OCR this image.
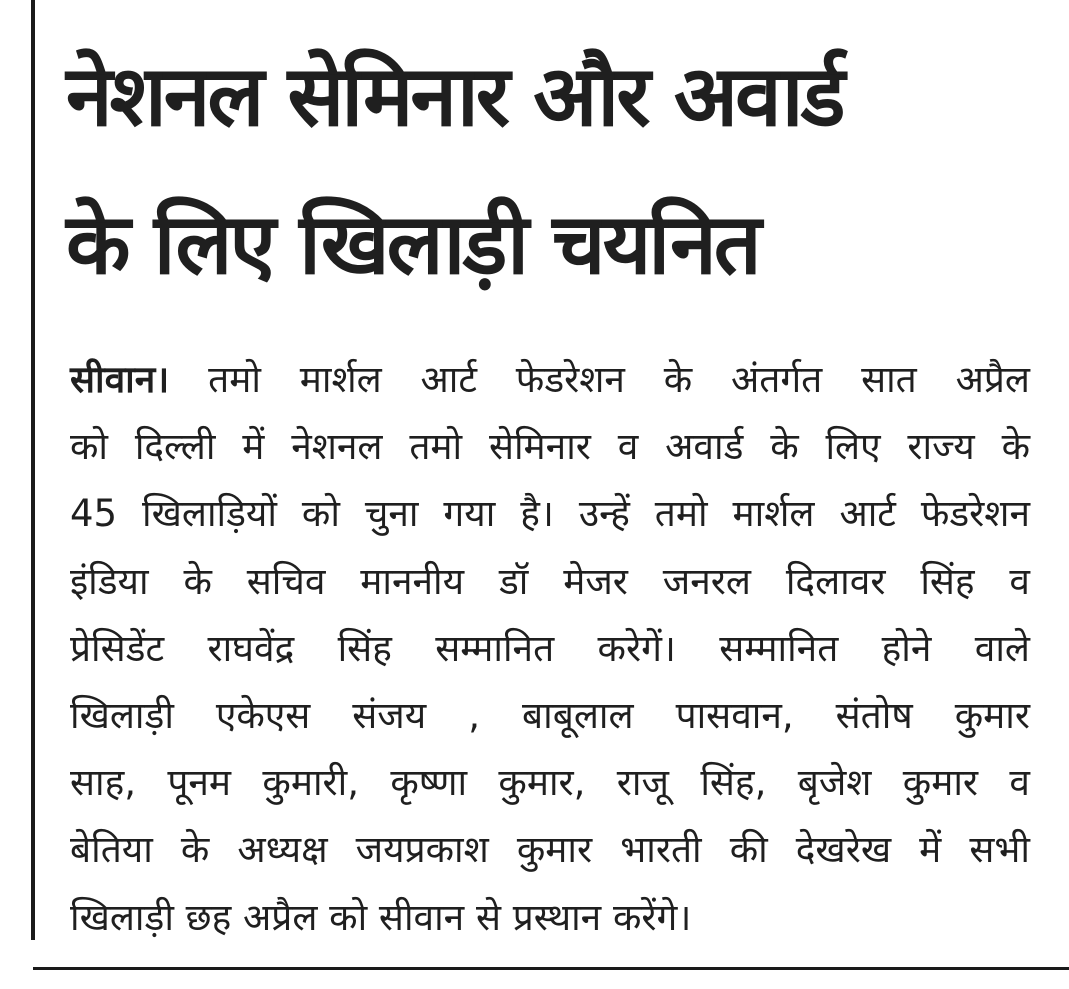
नेशनल सेमिनार और अवार्ड
के लिए खिलाड़ी चयनित
सीवान। तमो मार्शल आर्ट फेडरेशन के अंतर्गत सात अप्रैल
को दिल्ली में नेशनल तमो सेमिनार व अवार्ड के लिए राज्य के
45 खिलाड़ियों को चुना गया है। उन्हें तमो मार्शल आर्ट फेडरेशन
इंडिया के सचिव माननीय डॉ मेजर जनरल दिलावर सिंह व
प्रेसिडेंट राघवेंद्र सिंह सम्मानित करेगें। सम्मानित होने वाले
खिलाड़ी एकेएस संजय , बाबूलाल पासवान, संतोष कुमार
साह, पूनम कुमारी, कृष्णा कुमार, राजू सिंह, बृजेश कुमार व
बेतिया के अध्यक्ष जयप्रकाश कुमार भारती की देखरेख में सभी
खिलाड़ी छह अप्रैल को सीवान से प्रस्थान करेंगे।
